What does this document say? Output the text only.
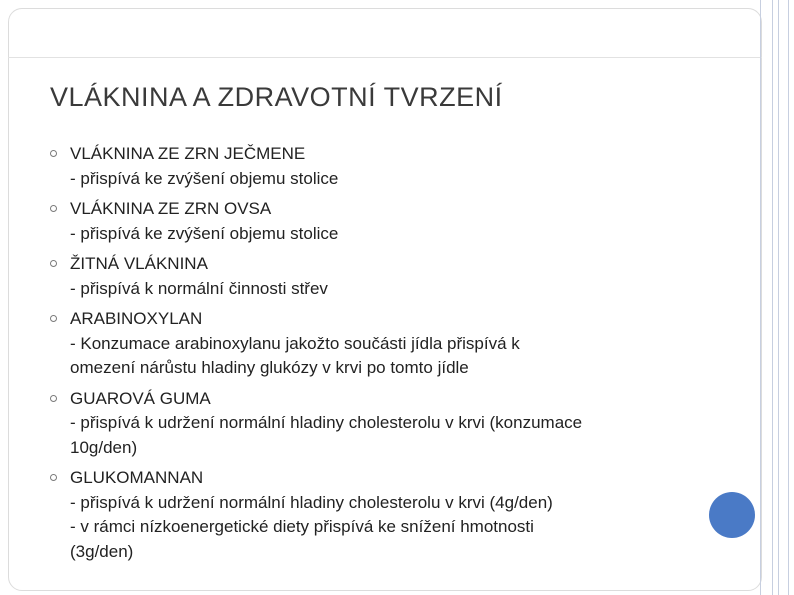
VLÁKNINA A ZDRAVOTNÍ TVRZENÍ
VLÁKNINA ZE ZRN JEČMENE
- přispívá ke zvýšení objemu stolice
VLÁKNINA ZE ZRN OVSA
- přispívá ke zvýšení objemu stolice
ŽITNÁ VLÁKNINA
- přispívá k normální činnosti střev
ARABINOXYLAN
- Konzumace arabinoxylanu jakožto součásti jídla přispívá k
omezení nárůstu hladiny glukózy v krvi po tomto jídle
GUAROVÁ GUMA
- přispívá k udržení normální hladiny cholesterolu v krvi (konzumace
10g/den)
GLUKOMANNAN
- přispívá k udržení normální hladiny cholesterolu v krvi (4g/den)
- v rámci nízkoenergetické diety přispívá ke snížení hmotnosti
(3g/den)
